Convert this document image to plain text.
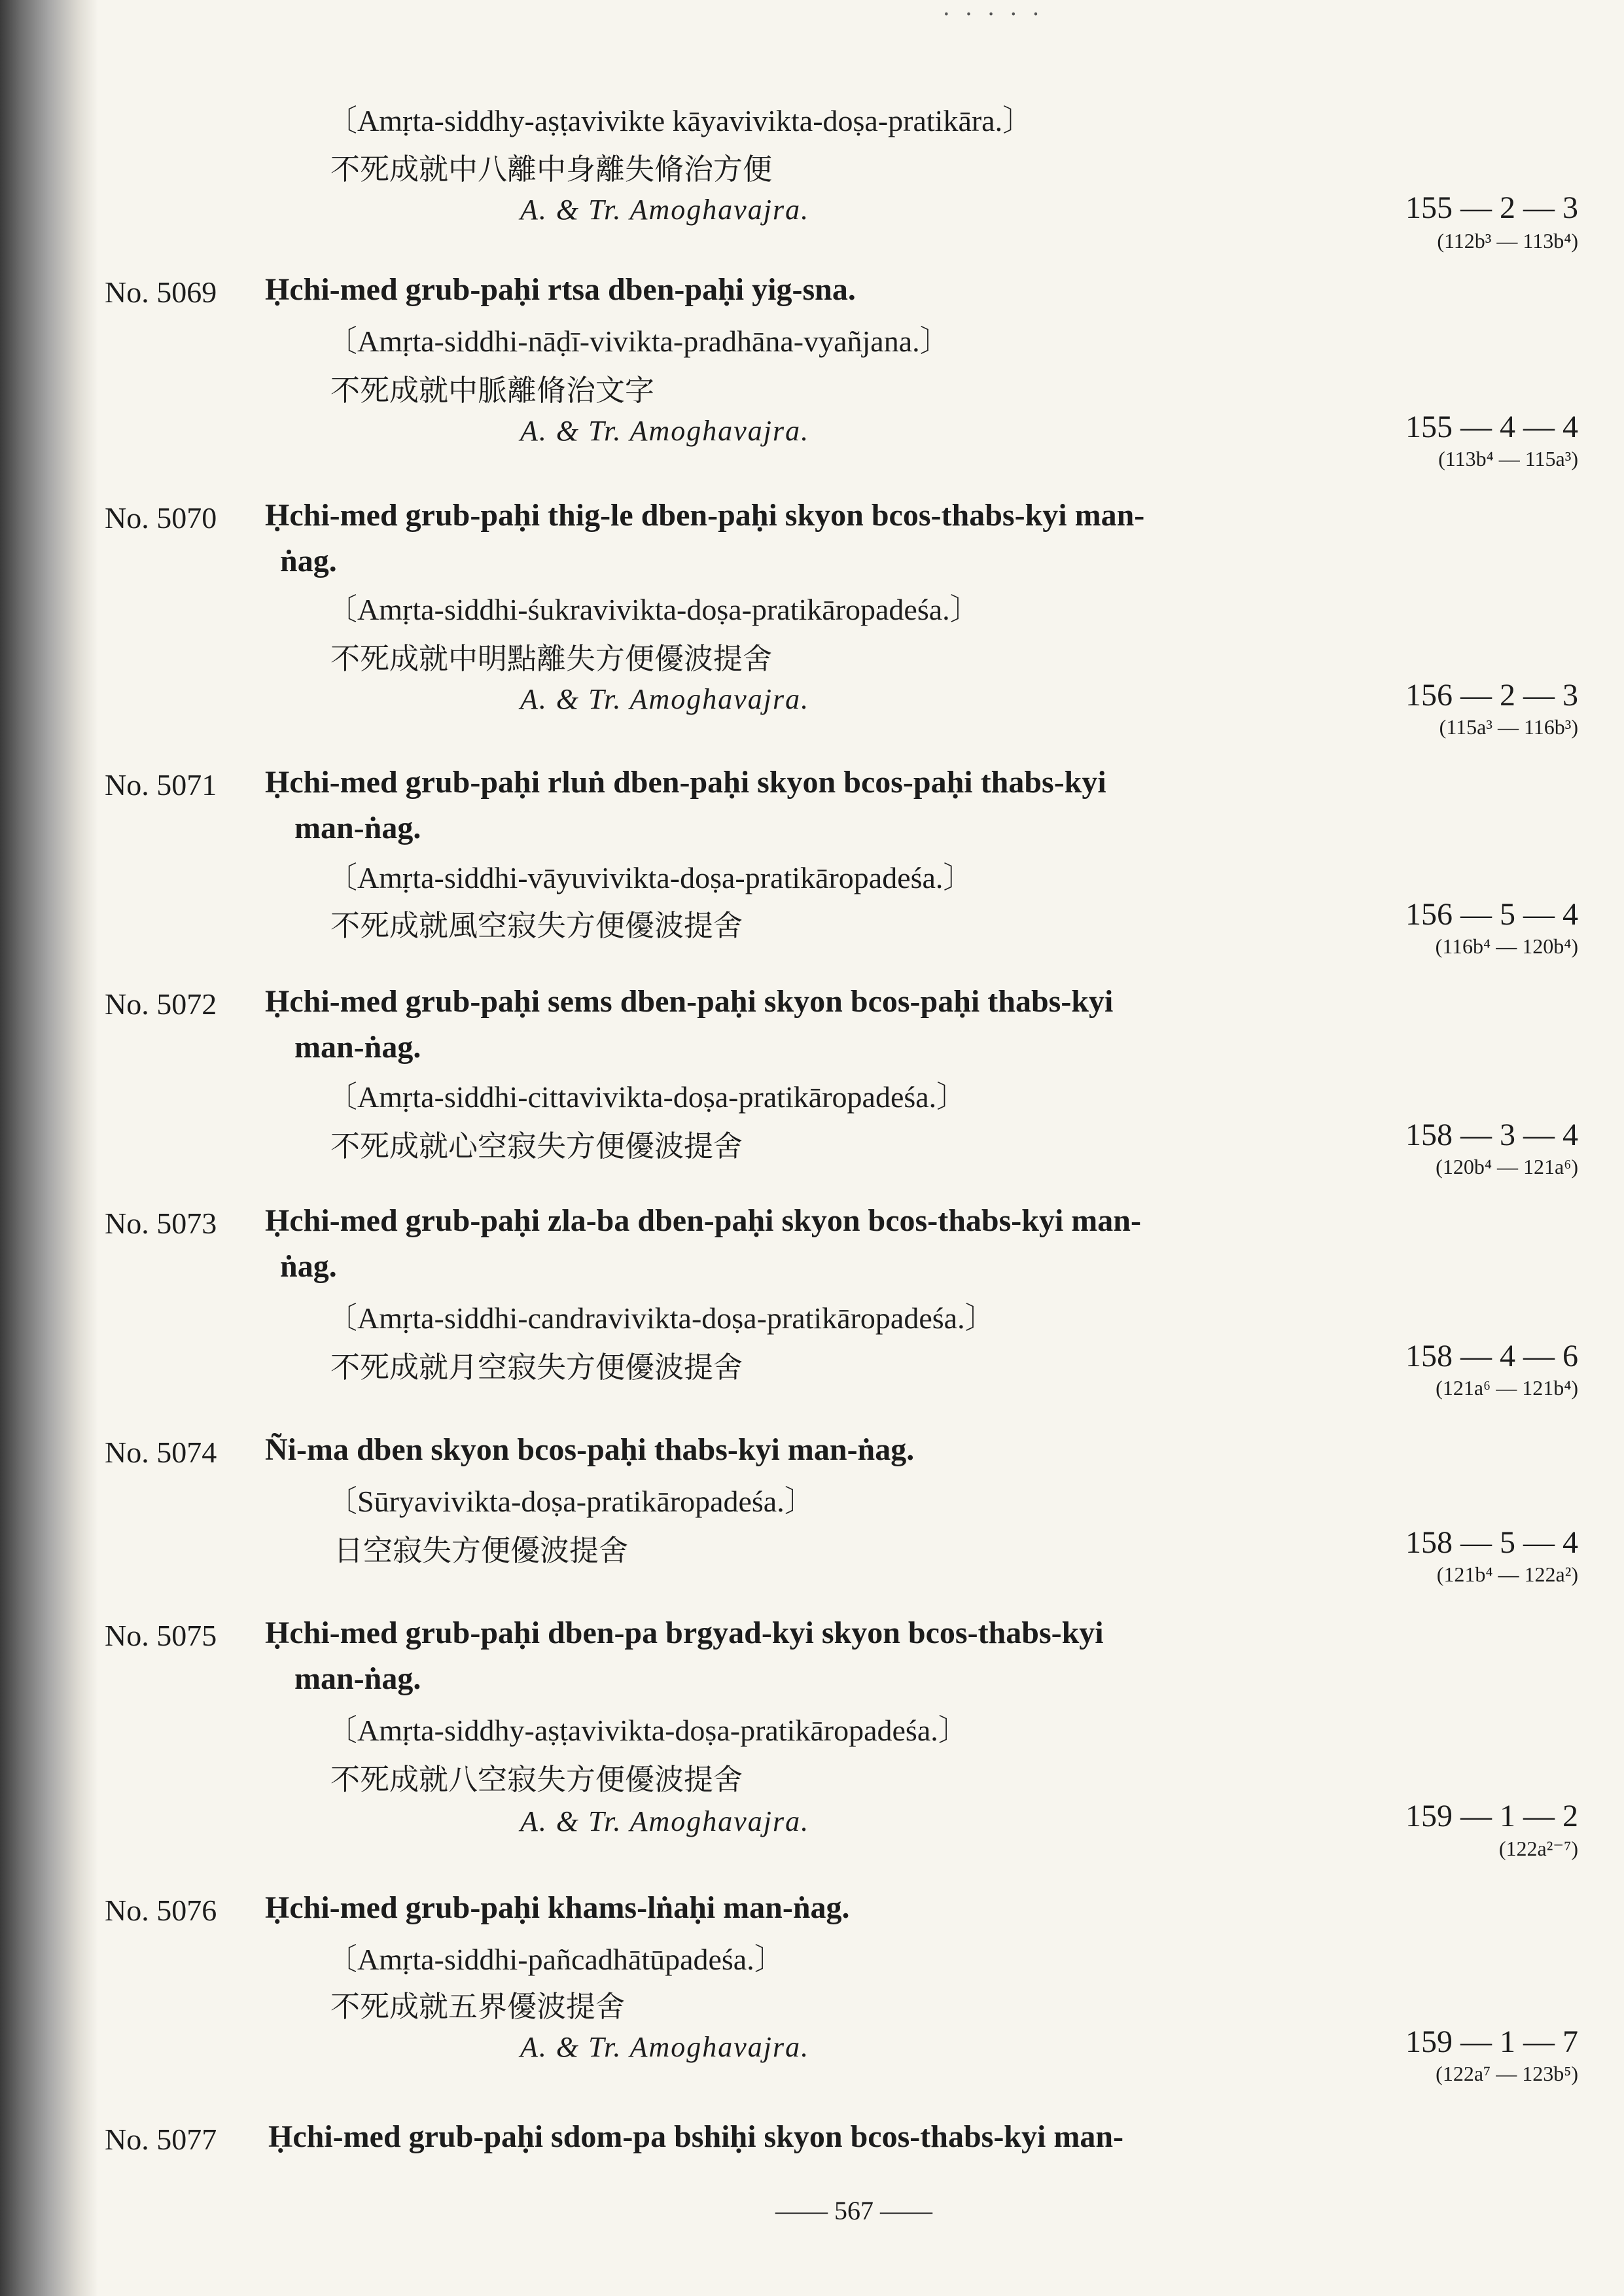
· · · · ·
〔Amṛta-siddhy-aṣṭavivikte kāyavivikta-doṣa-pratikāra.〕
不死成就中八離中身離失脩治方便
A. & Tr. Amoghavajra.	155 — 2 — 3
(112b³ — 113b⁴)
No. 5069 Ḥchi-med grub-paḥi rtsa dben-paḥi yig-sna.
〔Amṛta-siddhi-nāḍī-vivikta-pradhāna-vyañjana.〕
不死成就中脈離脩治文字
A. & Tr. Amoghavajra.	155 — 4 — 4
(113b⁴ — 115a³)
No. 5070 Ḥchi-med grub-paḥi thig-le dben-paḥi skyon bcos-thabs-kyi man-
ṅag.
〔Amṛta-siddhi-śukravivikta-doṣa-pratikāropadeśa.〕
不死成就中明點離失方便優波提舍
A. & Tr. Amoghavajra.	156 — 2 — 3
(115a³ — 116b³)
No. 5071 Ḥchi-med grub-paḥi rluṅ dben-paḥi skyon bcos-paḥi thabs-kyi
man-ṅag.
〔Amṛta-siddhi-vāyuvivikta-doṣa-pratikāropadeśa.〕
不死成就風空寂失方便優波提舍	156 — 5 — 4
(116b⁴ — 120b⁴)
No. 5072 Ḥchi-med grub-paḥi sems dben-paḥi skyon bcos-paḥi thabs-kyi
man-ṅag.
〔Amṛta-siddhi-cittavivikta-doṣa-pratikāropadeśa.〕
不死成就心空寂失方便優波提舍	158 — 3 — 4
(120b⁴ — 121a⁶)
No. 5073 Ḥchi-med grub-paḥi zla-ba dben-paḥi skyon bcos-thabs-kyi man-
ṅag.
〔Amṛta-siddhi-candravivikta-doṣa-pratikāropadeśa.〕
不死成就月空寂失方便優波提舍	158 — 4 — 6
(121a⁶ — 121b⁴)
No. 5074 Ñi-ma dben skyon bcos-paḥi thabs-kyi man-ṅag.
〔Sūryavivikta-doṣa-pratikāropadeśa.〕
日空寂失方便優波提舍	158 — 5 — 4
(121b⁴ — 122a²)
No. 5075 Ḥchi-med grub-paḥi dben-pa brgyad-kyi skyon bcos-thabs-kyi
man-ṅag.
〔Amṛta-siddhy-aṣṭavivikta-doṣa-pratikāropadeśa.〕
不死成就八空寂失方便優波提舍
A. & Tr. Amoghavajra.	159 — 1 — 2
(122a²⁻⁷)
No. 5076 Ḥchi-med grub-paḥi khams-lṅaḥi man-ṅag.
〔Amṛta-siddhi-pañcadhātūpadeśa.〕
不死成就五界優波提舍
A. & Tr. Amoghavajra.	159 — 1 — 7
(122a⁷ — 123b⁵)
No. 5077 Ḥchi-med grub-paḥi sdom-pa bshiḥi skyon bcos-thabs-kyi man-
—— 567 ——
